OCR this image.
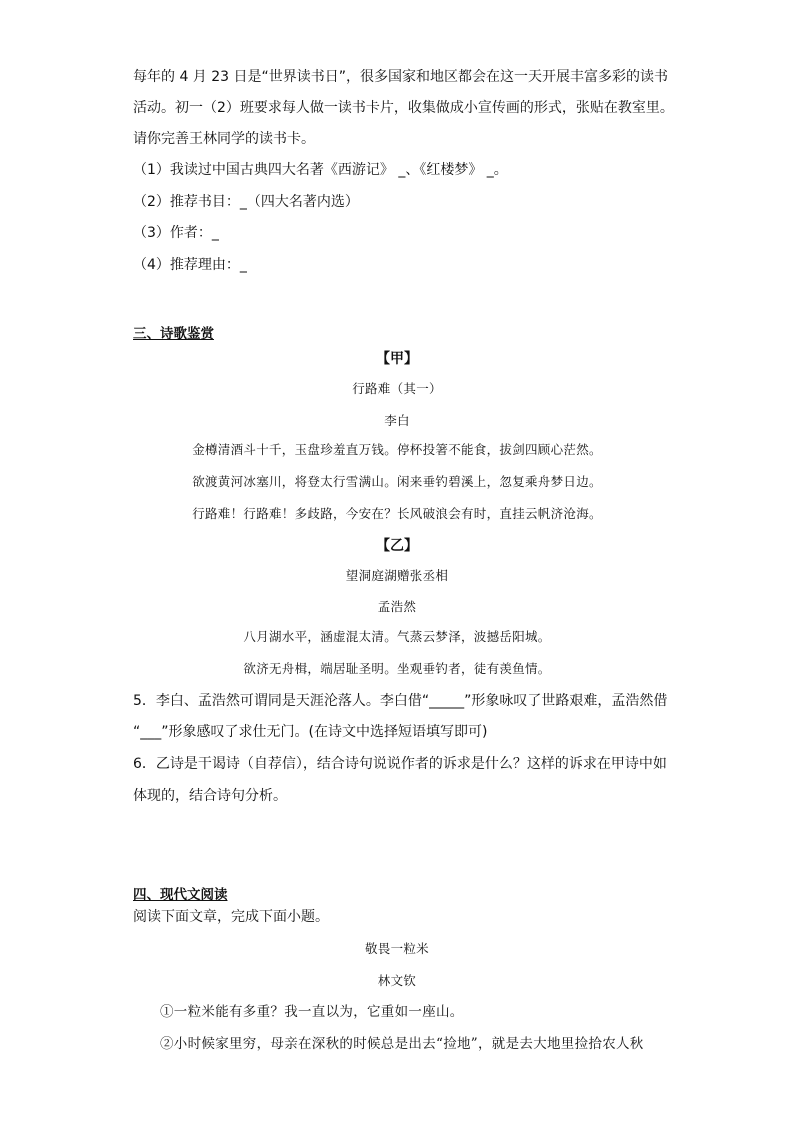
每年的 4 月 23 日是“世界读书日”，很多国家和地区都会在这一天开展丰富多彩的读书
活动。初一（2）班要求每人做一读书卡片，收集做成小宣传画的形式，张贴在教室里。
请你完善王林同学的读书卡。
（1）我读过中国古典四大名著《西游记》 _、《红楼梦》 _。
（2）推荐书目：_（四大名著内选）
（3）作者：_
（4）推荐理由：_
三、诗歌鉴赏
【甲】
行路难（其一）
李白
金樽清酒斗十千，玉盘珍羞直万钱。停杯投箸不能食，拔剑四顾心茫然。
欲渡黄河冰塞川，将登太行雪满山。闲来垂钓碧溪上，忽复乘舟梦日边。
行路难！行路难！多歧路，今安在？长风破浪会有时，直挂云帆济沧海。
【乙】
望洞庭湖赠张丞相
孟浩然
八月湖水平，涵虚混太清。气蒸云梦泽，波撼岳阳城。
欲济无舟楫，端居耻圣明。坐观垂钓者，徒有羡鱼情。
5．李白、孟浩然可谓同是天涯沦落人。李白借“_____”形象咏叹了世路艰难，孟浩然借
“___”形象感叹了求仕无门。(在诗文中选择短语填写即可)
6．乙诗是干谒诗（自荐信），结合诗句说说作者的诉求是什么？这样的诉求在甲诗中如
体现的，结合诗句分析。
四、现代文阅读
阅读下面文章，完成下面小题。
敬畏一粒米
林文钦
①一粒米能有多重？我一直以为，它重如一座山。
②小时候家里穷，母亲在深秋的时候总是出去“捡地”，就是去大地里捡拾农人秋
